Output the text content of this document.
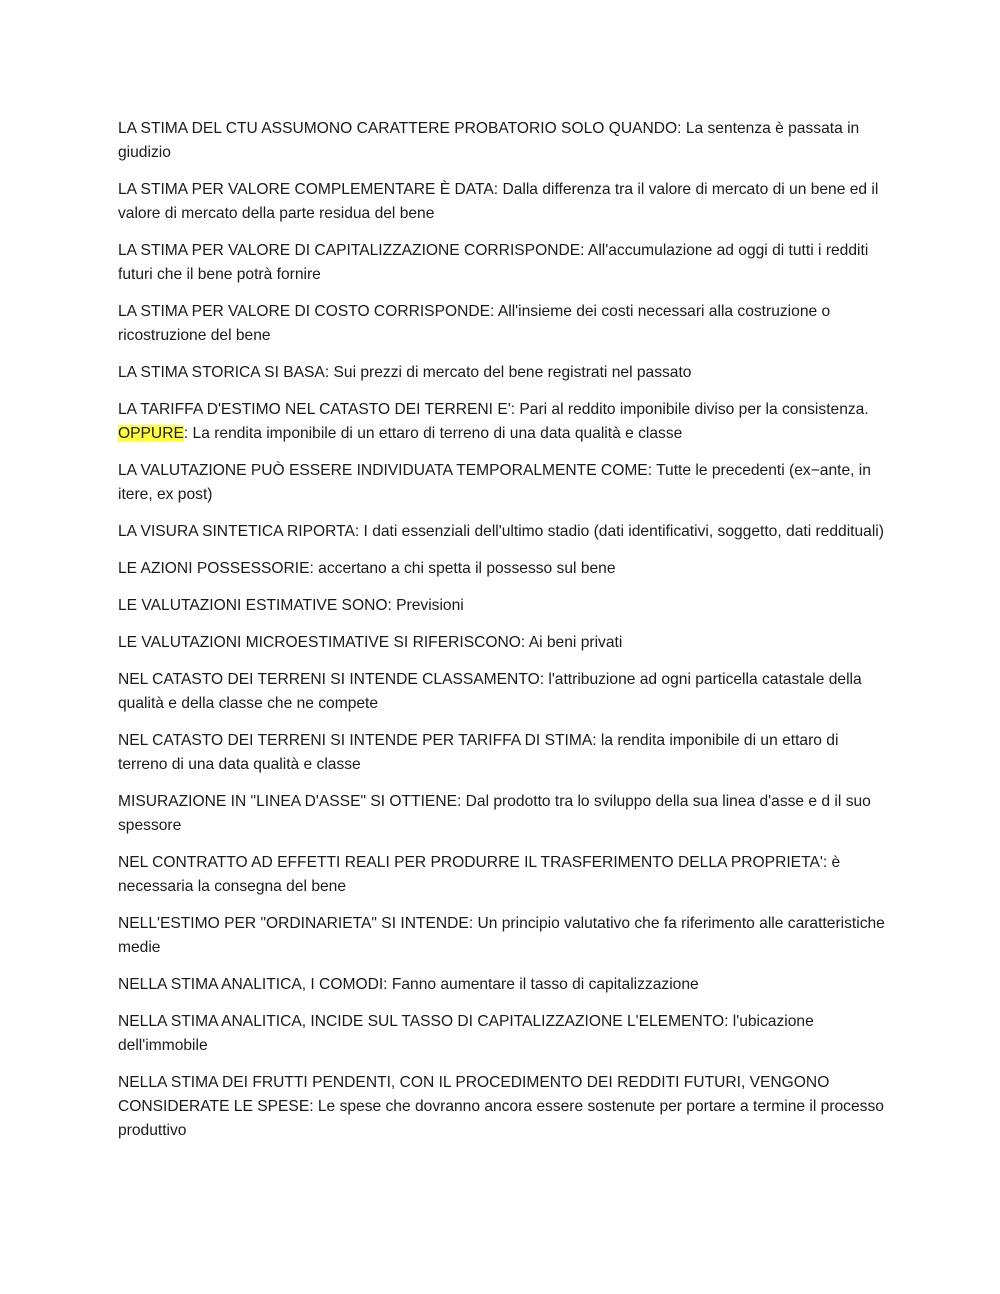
LA STIMA DEL CTU ASSUMONO CARATTERE PROBATORIO SOLO QUANDO: La sentenza è passata in giudizio

LA STIMA PER VALORE COMPLEMENTARE È DATA: Dalla differenza tra il valore di mercato di un bene ed il valore di mercato della parte residua del bene

LA STIMA PER VALORE DI CAPITALIZZAZIONE CORRISPONDE: All'accumulazione ad oggi di tutti i redditi futuri che il bene potrà fornire

LA STIMA PER VALORE DI COSTO CORRISPONDE: All'insieme dei costi necessari alla costruzione o ricostruzione del bene

LA STIMA STORICA SI BASA: Sui prezzi di mercato del bene registrati nel passato

LA TARIFFA D'ESTIMO NEL CATASTO DEI TERRENI E': Pari al reddito imponibile diviso per la consistenza.
OPPURE: La rendita imponibile di un ettaro di terreno di una data qualità e classe

LA VALUTAZIONE PUÒ ESSERE INDIVIDUATA TEMPORALMENTE COME: Tutte le precedenti (ex−ante, in itere, ex post)

LA VISURA SINTETICA RIPORTA: I dati essenziali dell'ultimo stadio (dati identificativi, soggetto, dati reddituali)

LE AZIONI POSSESSORIE: accertano a chi spetta il possesso sul bene

LE VALUTAZIONI ESTIMATIVE SONO: Previsioni

LE VALUTAZIONI MICROESTIMATIVE SI RIFERISCONO: Ai beni privati

NEL CATASTO DEI TERRENI SI INTENDE CLASSAMENTO: l'attribuzione ad ogni particella catastale della qualità e della classe che ne compete

NEL CATASTO DEI TERRENI SI INTENDE PER TARIFFA DI STIMA: la rendita imponibile di un ettaro di terreno di una data qualità e classe

MISURAZIONE IN "LINEA D'ASSE" SI OTTIENE: Dal prodotto tra lo sviluppo della sua linea d'asse e d il suo spessore

NEL CONTRATTO AD EFFETTI REALI PER PRODURRE IL TRASFERIMENTO DELLA PROPRIETA': è necessaria la consegna del bene

NELL'ESTIMO PER "ORDINARIETA" SI INTENDE: Un principio valutativo che fa riferimento alle caratteristiche medie

NELLA STIMA ANALITICA, I COMODI: Fanno aumentare il tasso di capitalizzazione

NELLA STIMA ANALITICA, INCIDE SUL TASSO DI CAPITALIZZAZIONE L'ELEMENTO: l'ubicazione dell'immobile

NELLA STIMA DEI FRUTTI PENDENTI, CON IL PROCEDIMENTO DEI REDDITI FUTURI, VENGONO CONSIDERATE LE SPESE: Le spese che dovranno ancora essere sostenute per portare a termine il processo produttivo
